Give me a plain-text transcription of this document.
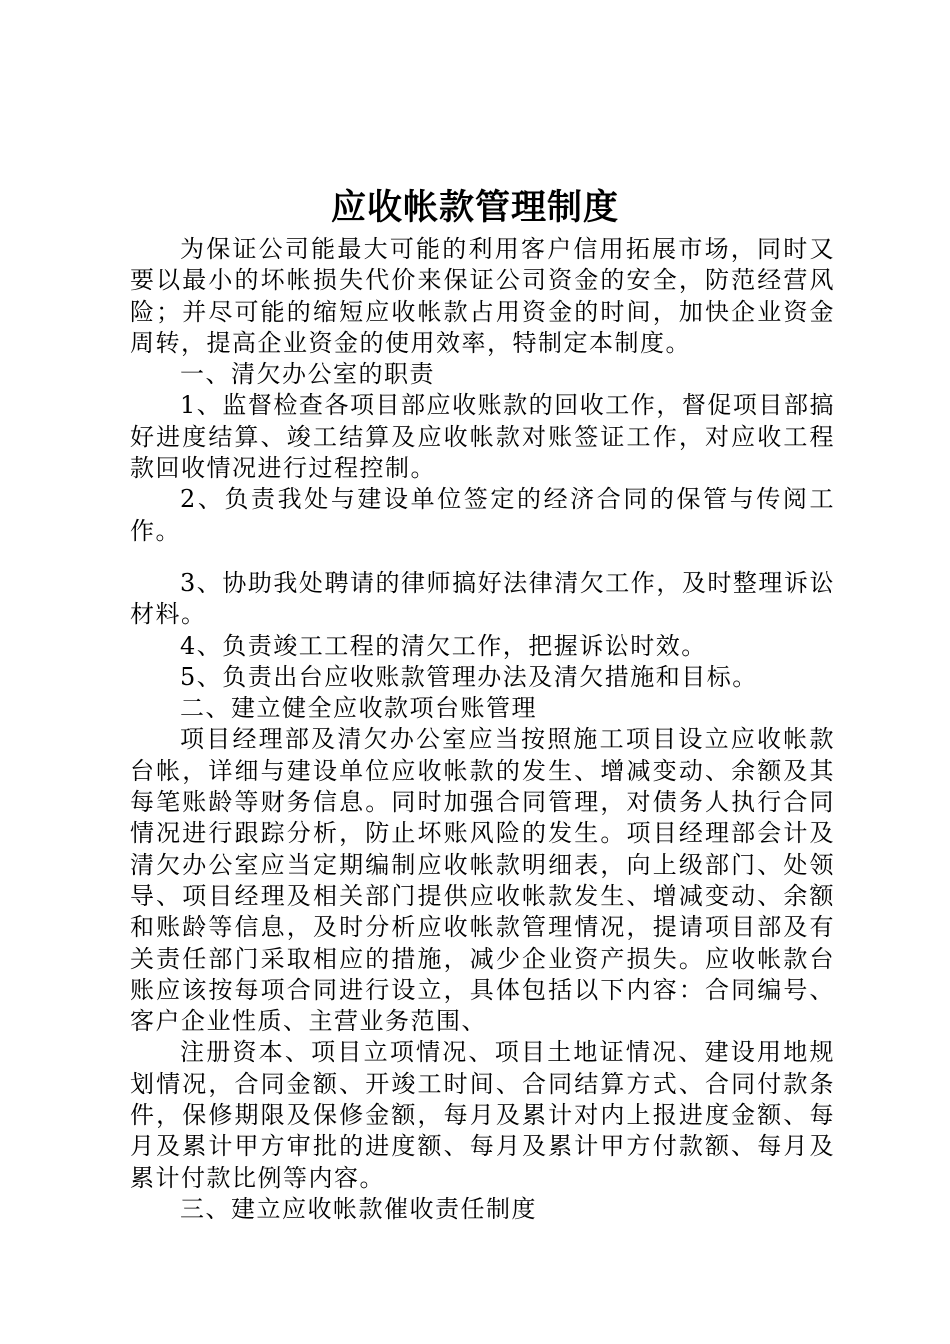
应收帐款管理制度

为保证公司能最大可能的利用客户信用拓展市场，同时又要以最小的坏帐损失代价来保证公司资金的安全，防范经营风险；并尽可能的缩短应收帐款占用资金的时间，加快企业资金周转，提高企业资金的使用效率，特制定本制度。

一、清欠办公室的职责

1、监督检查各项目部应收账款的回收工作，督促项目部搞好进度结算、竣工结算及应收帐款对账签证工作，对应收工程款回收情况进行过程控制。

2、负责我处与建设单位签定的经济合同的保管与传阅工作。

3、协助我处聘请的律师搞好法律清欠工作，及时整理诉讼材料。

4、负责竣工工程的清欠工作，把握诉讼时效。

5、负责出台应收账款管理办法及清欠措施和目标。

二、建立健全应收款项台账管理

项目经理部及清欠办公室应当按照施工项目设立应收帐款台帐，详细与建设单位应收帐款的发生、增减变动、余额及其每笔账龄等财务信息。同时加强合同管理，对债务人执行合同情况进行跟踪分析，防止坏账风险的发生。项目经理部会计及清欠办公室应当定期编制应收帐款明细表，向上级部门、处领导、项目经理及相关部门提供应收帐款发生、增减变动、余额和账龄等信息，及时分析应收帐款管理情况，提请项目部及有关责任部门采取相应的措施，减少企业资产损失。应收帐款台账应该按每项合同进行设立，具体包括以下内容：合同编号、客户企业性质、主营业务范围、

注册资本、项目立项情况、项目土地证情况、建设用地规划情况，合同金额、开竣工时间、合同结算方式、合同付款条件，保修期限及保修金额，每月及累计对内上报进度金额、每月及累计甲方审批的进度额、每月及累计甲方付款额、每月及累计付款比例等内容。

三、建立应收帐款催收责任制度
